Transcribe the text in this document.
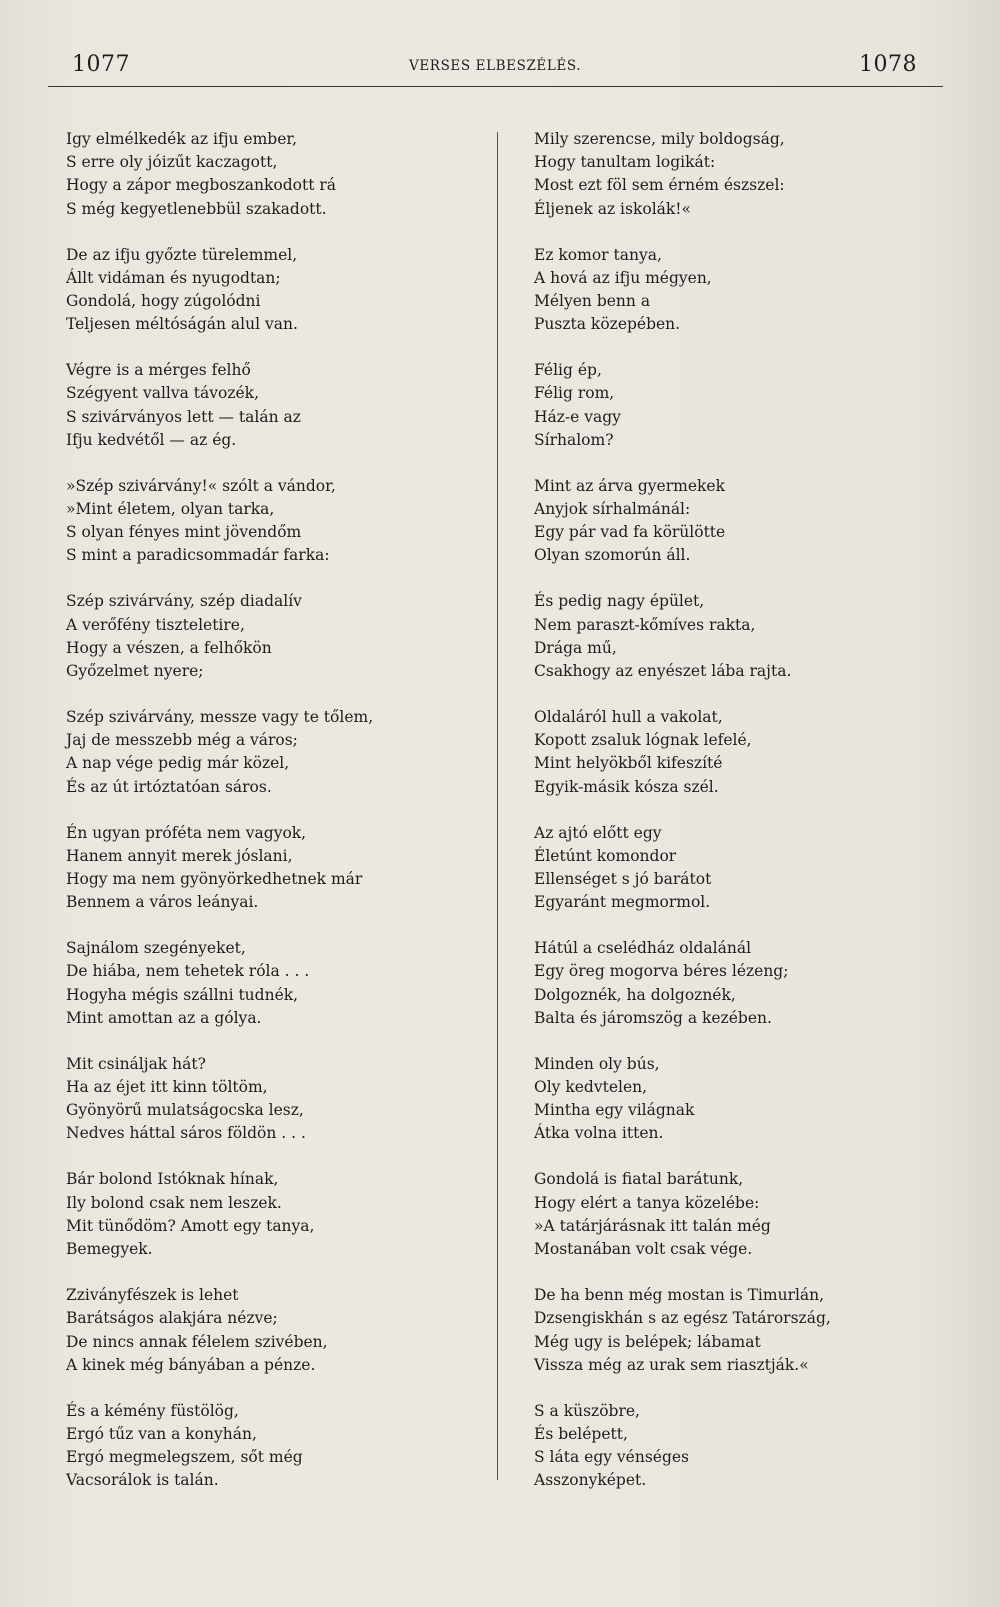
1077	VERSES ELBESZÉLÉS.	1078
Igy elmélkedék az ifju ember,
S erre oly jóizűt kaczagott,
Hogy a zápor megboszankodott rá
S még kegyetlenebbül szakadott.
De az ifju győzte türelemmel,
Állt vidáman és nyugodtan;
Gondolá, hogy zúgolódni
Teljesen méltóságán alul van.
Végre is a mérges felhő
Szégyent vallva távozék,
S szivárványos lett — talán az
Ifju kedvétől — az ég.
»Szép szivárvány!« szólt a vándor,
»Mint életem, olyan tarka,
S olyan fényes mint jövendőm
S mint a paradicsommadár farka:
Szép szivárvány, szép diadalív
A verőfény tiszteletire,
Hogy a vészen, a felhőkön
Győzelmet nyere;
Szép szivárvány, messze vagy te tőlem,
Jaj de messzebb még a város;
A nap vége pedig már közel,
És az út irtóztatóan sáros.
Én ugyan próféta nem vagyok,
Hanem annyit merek jóslani,
Hogy ma nem gyönyörkedhetnek már
Bennem a város leányai.
Sajnálom szegényeket,
De hiába, nem tehetek róla . . .
Hogyha mégis szállni tudnék,
Mint amottan az a gólya.
Mit csináljak hát?
Ha az éjet itt kinn töltöm,
Gyönyörű mulatságocska lesz,
Nedves háttal sáros földön . . .
Bár bolond Istóknak hínak,
Ily bolond csak nem leszek.
Mit tünődöm? Amott egy tanya,
Bemegyek.
Zziványfészek is lehet
Barátságos alakjára nézve;
De nincs annak félelem szivében,
A kinek még bányában a pénze.
És a kémény füstölög,
Ergó tűz van a konyhán,
Ergó megmelegszem, sőt még
Vacsorálok is talán.
Mily szerencse, mily boldogság,
Hogy tanultam logikát:
Most ezt föl sem érném észszel:
Éljenek az iskolák!«
Ez komor tanya,
A hová az ifju mégyen,
Mélyen benn a
Puszta közepében.
Félig ép,
Félig rom,
Ház-e vagy
Sírhalom?
Mint az árva gyermekek
Anyjok sírhalmánál:
Egy pár vad fa körülötte
Olyan szomorún áll.
És pedig nagy épület,
Nem paraszt-kőmíves rakta,
Drága mű,
Csakhogy az enyészet lába rajta.
Oldaláról hull a vakolat,
Kopott zsaluk lógnak lefelé,
Mint helyökből kifeszíté
Egyik-másik kósza szél.
Az ajtó előtt egy
Életúnt komondor
Ellenséget s jó barátot
Egyaránt megmormol.
Hátúl a cselédház oldalánál
Egy öreg mogorva béres lézeng;
Dolgoznék, ha dolgoznék,
Balta és járomszög a kezében.
Minden oly bús,
Oly kedvtelen,
Mintha egy világnak
Átka volna itten.
Gondolá is fiatal barátunk,
Hogy elért a tanya közelébe:
»A tatárjárásnak itt talán még
Mostanában volt csak vége.
De ha benn még mostan is Timurlán,
Dzsengiskhán s az egész Tatárország,
Még ugy is belépek; lábamat
Vissza még az urak sem riasztják.«
S a küszöbre,
És belépett,
S láta egy vénséges
Asszonyképet.
